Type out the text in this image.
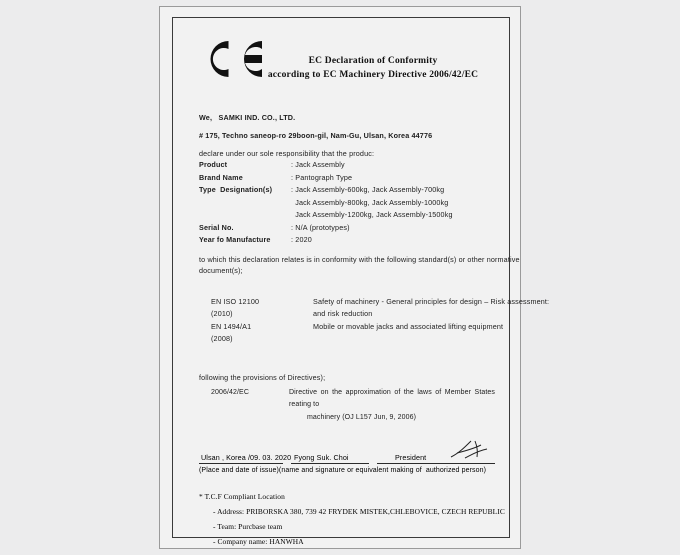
EC Declaration of Conformity
according to EC Machinery Directive 2006/42/EC
We,   SAMKI IND. CO., LTD.
# 175, Techno saneop-ro 29boon-gil, Nam-Gu, Ulsan, Korea 44776
declare under our sole responsibility that the produc:
Product	: Jack Assembly
Brand Name	: Pantograph Type
Type  Designation(s)	: Jack Assembly-600kg, Jack Assembly-700kg
Jack Assembly-800kg, Jack Assembly-1000kg
Jack Assembly-1200kg, Jack Assembly-1500kg
Serial No.	: N/A (prototypes)
Year fo Manufacture	: 2020
to which this declaration relates is in conformity with the following standard(s) or other normative
document(s);
EN ISO 12100	Safety of machinery - General principles for design – Risk assessment:
(2010)	and risk reduction
EN 1494/A1	Mobile or movable jacks and associated lifting equipment
(2008)
following the provisions of Directives);
2006/42/EC	Directive on the approximation of the laws of Member States reating to
machinery (OJ L157 Jun, 9, 2006)
Ulsan , Korea /09. 03. 2020 Fyong Suk. Choi	President
(Place and date of issue)(name and signature or equivalent making of  authorized person)
* T.C.F Compliant Location
- Address: PRIBORSKA 380, 739 42 FRYDEK MISTEK,CHLEBOVICE, CZECH REPUBLIC
- Team: Purcbase team
- Company name: HANWHA
